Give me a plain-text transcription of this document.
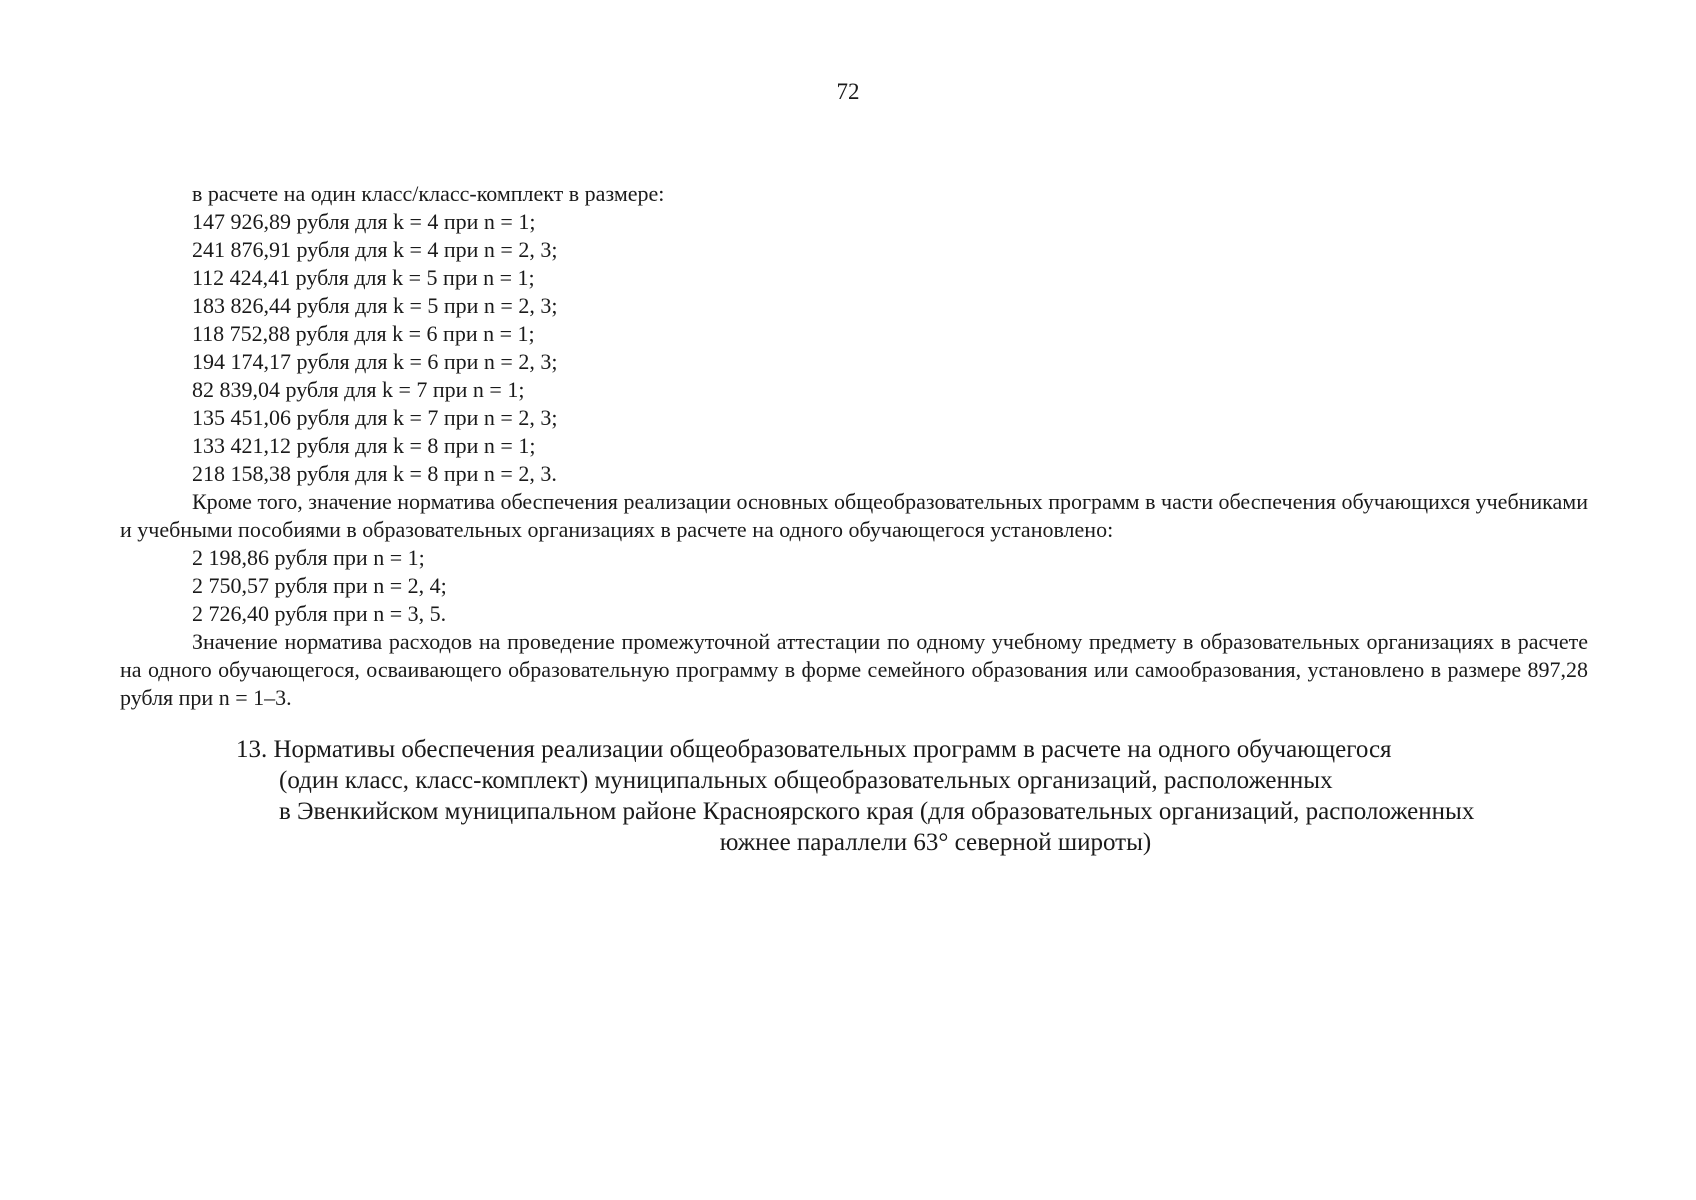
72
в расчете на один класс/класс-комплект в размере:
147 926,89 рубля для k = 4 при n = 1;
241 876,91 рубля для k = 4 при n = 2, 3;
112 424,41 рубля для k = 5 при n = 1;
183 826,44 рубля для k = 5 при n = 2, 3;
118 752,88 рубля для k = 6 при n = 1;
194 174,17 рубля для k = 6 при n = 2, 3;
82 839,04 рубля для k = 7 при n = 1;
135 451,06 рубля для k = 7 при n = 2, 3;
133 421,12 рубля для k = 8 при n = 1;
218 158,38 рубля для k = 8 при n = 2, 3.

Кроме того, значение норматива обеспечения реализации основных общеобразовательных программ в части обеспечения обучающихся учебниками и учебными пособиями в образовательных организациях в расчете на одного обучающегося установлено:

2 198,86 рубля при n = 1;
2 750,57 рубля при n = 2, 4;
2 726,40 рубля при n = 3, 5.

Значение норматива расходов на проведение промежуточной аттестации по одному учебному предмету в образовательных организациях в расчете на одного обучающегося, осваивающего образовательную программу в форме семейного образования или самообразования, установлено в размере 897,28 рубля при n = 1–3.

13. Нормативы обеспечения реализации общеобразовательных программ в расчете на одного обучающегося
(один класс, класс-комплект) муниципальных общеобразовательных организаций, расположенных
в Эвенкийском муниципальном районе Красноярского края (для образовательных организаций, расположенных
южнее параллели 63° северной широты)
